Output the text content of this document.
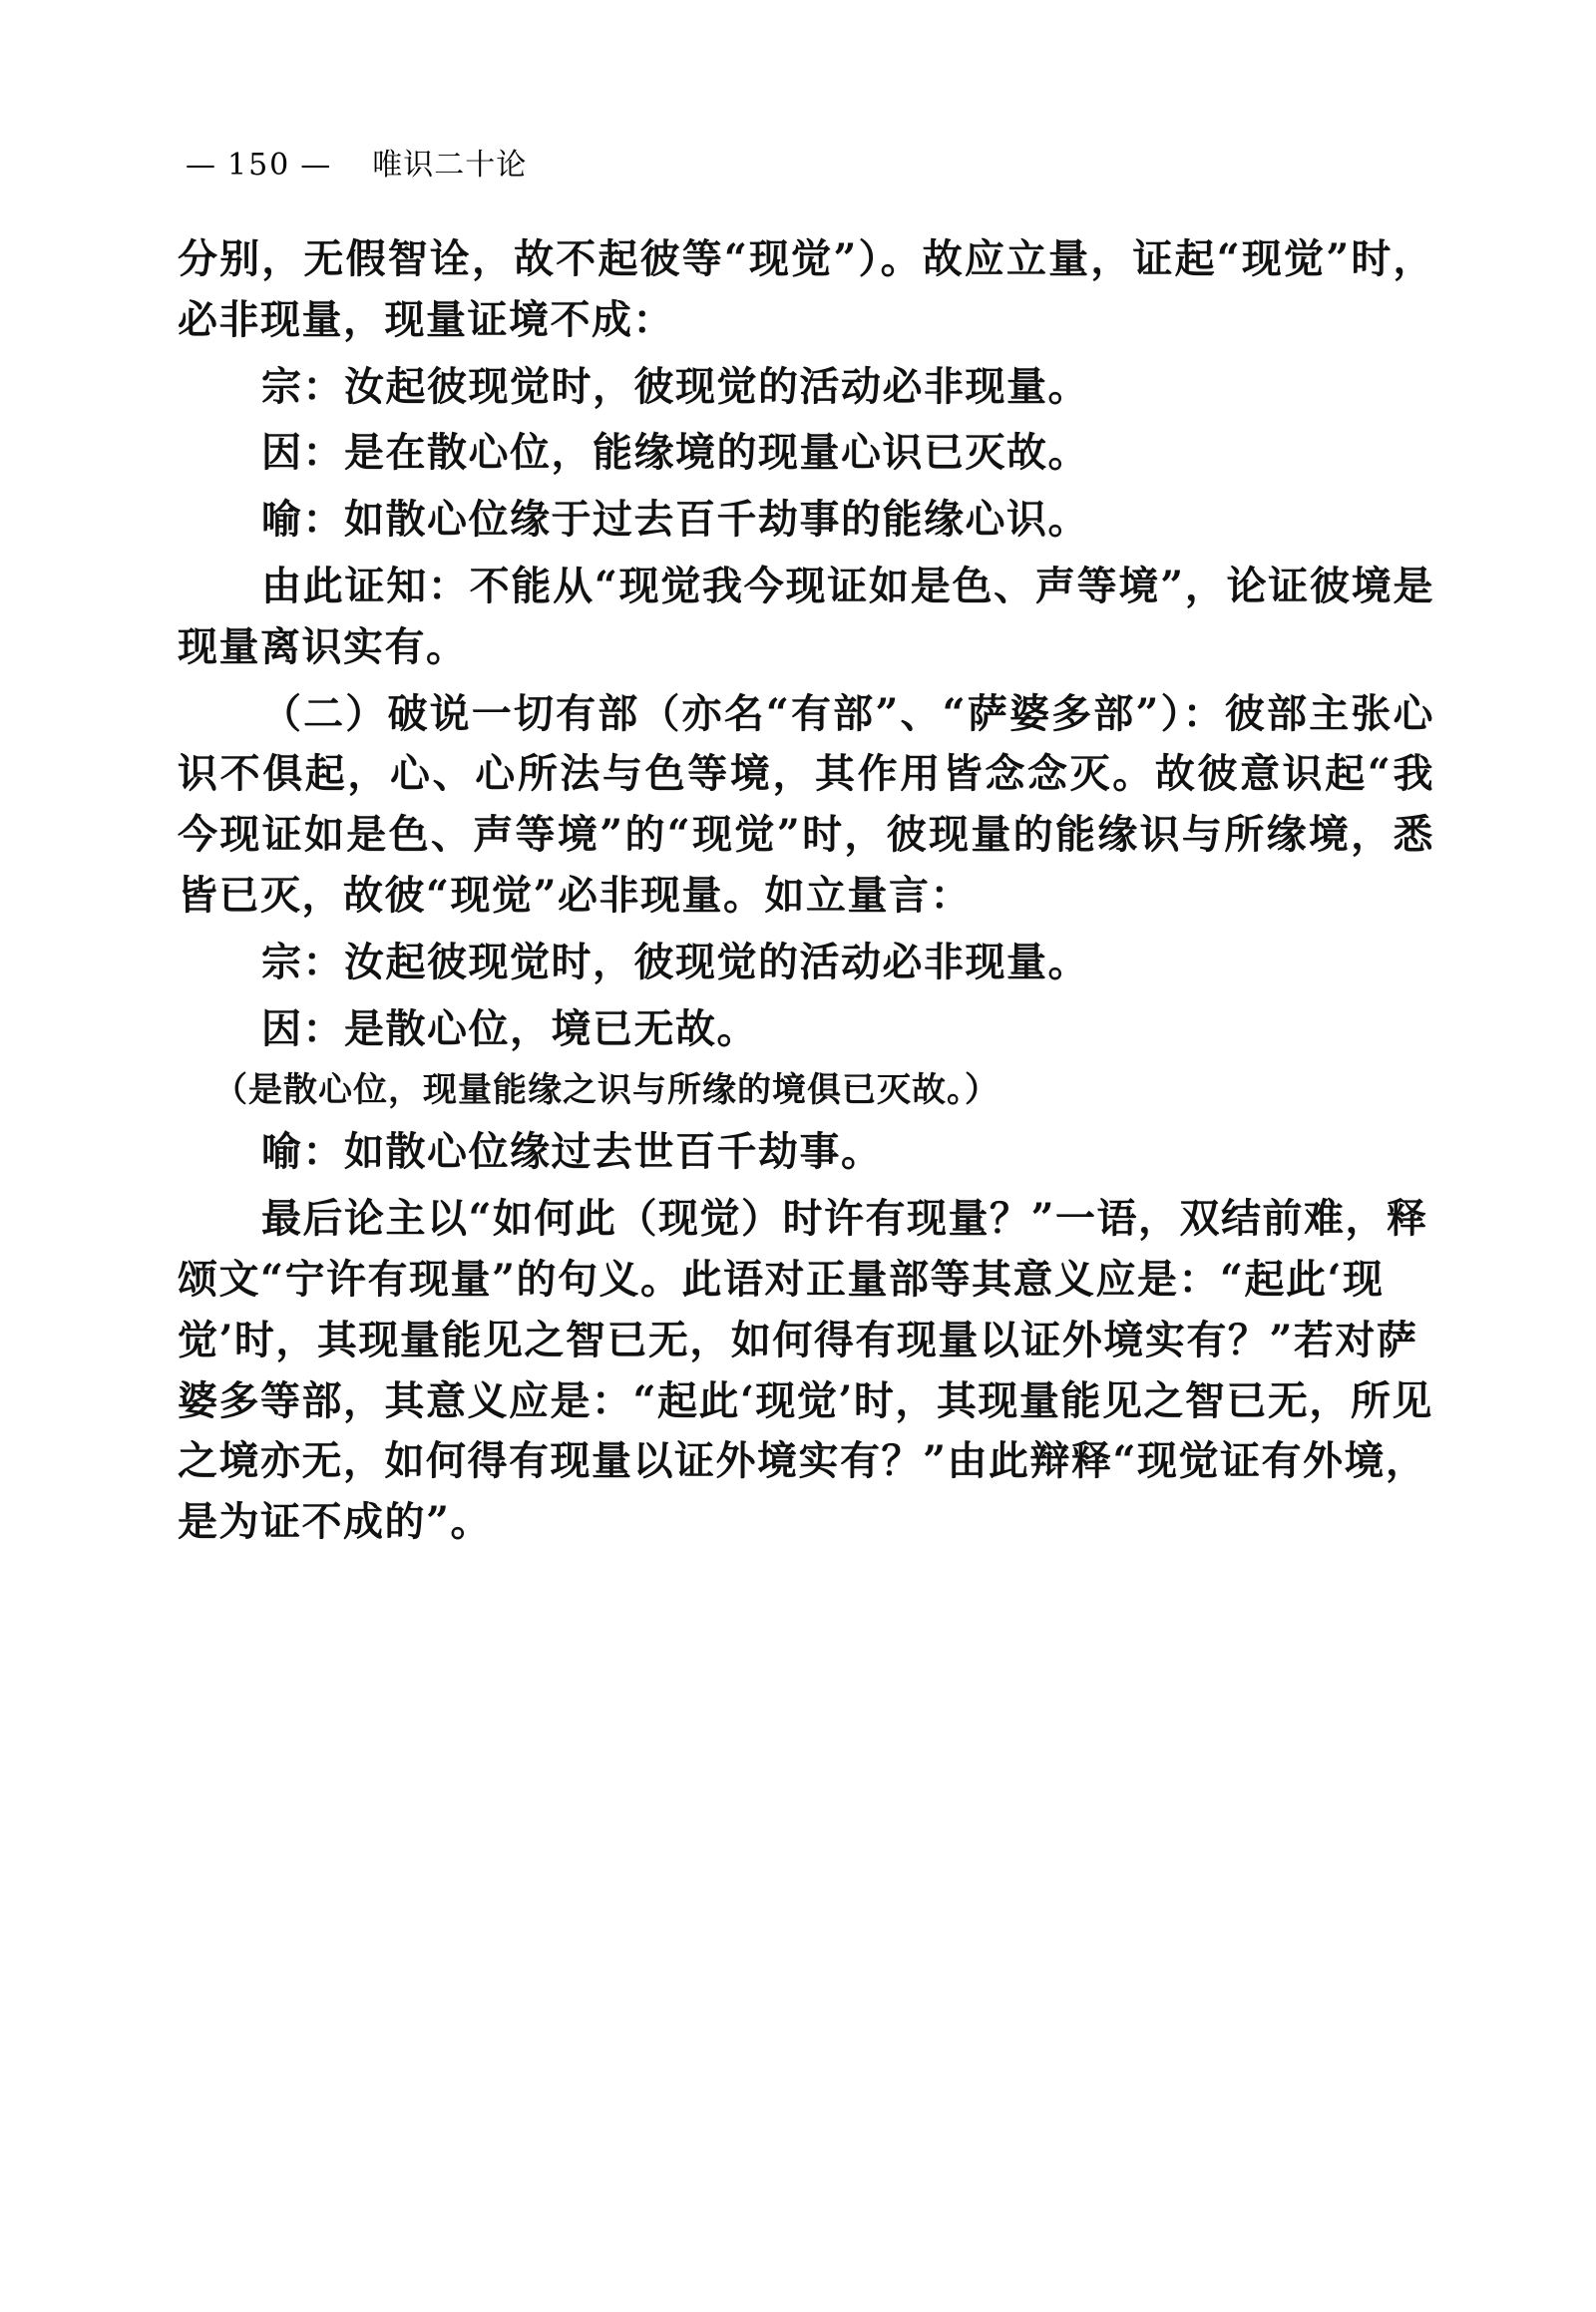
— 150 — 唯识二十论

分别，无假智诠，故不起彼等“现觉”）。故应立量，证起“现觉”时，必非现量，现量证境不成：

宗：汝起彼现觉时，彼现觉的活动必非现量。

因：是在散心位，能缘境的现量心识已灭故。

喻：如散心位缘于过去百千劫事的能缘心识。

由此证知：不能从“现觉我今现证如是色、声等境”，论证彼境是现量离识实有。

（二）破说一切有部（亦名“有部”、“萨婆多部”）：彼部主张心识不俱起，心、心所法与色等境，其作用皆念念灭。故彼意识起“我今现证如是色、声等境”的“现觉”时，彼现量的能缘识与所缘境，悉皆已灭，故彼“现觉”必非现量。如立量言：

宗：汝起彼现觉时，彼现觉的活动必非现量。

因：是散心位，境已无故。

（是散心位，现量能缘之识与所缘的境俱已灭故。）

喻：如散心位缘过去世百千劫事。

最后论主以“如何此（现觉）时许有现量？”一语，双结前难，释颂文“宁许有现量”的句义。此语对正量部等其意义应是：“起此‘现觉’时，其现量能见之智已无，如何得有现量以证外境实有？”若对萨婆多等部，其意义应是：“起此‘现觉’时，其现量能见之智已无，所见之境亦无，如何得有现量以证外境实有？”由此辩释“现觉证有外境，是为证不成的”。
